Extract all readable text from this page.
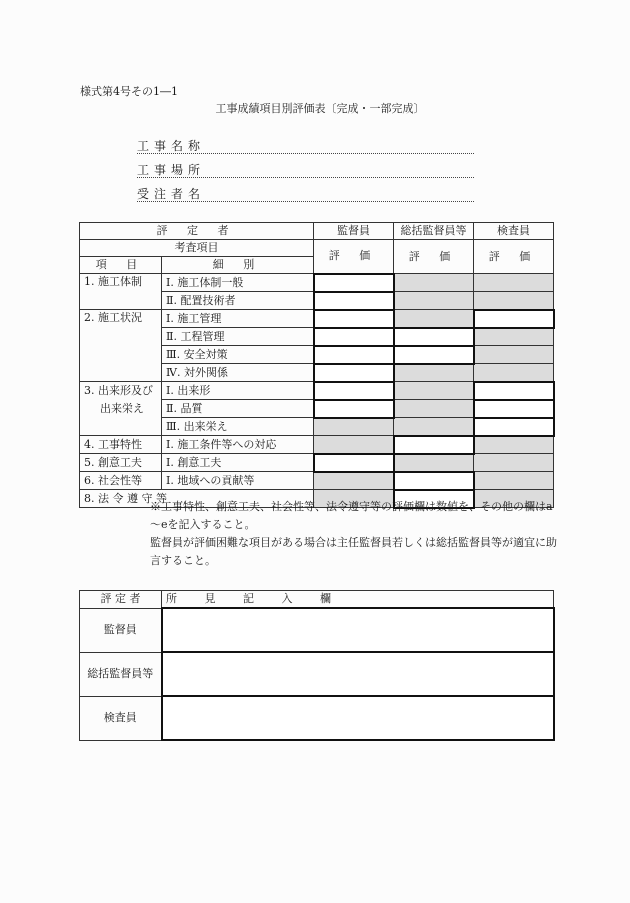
様式第4号その1―1
工事成績項目別評価表〔完成・一部完成〕
工事名称
工事場所
受注者名
評 定 者		監督員	総括監督員等	検査員
考査項目		評 価	評 価	評 価
項 目	細 別			
1. 施工体制	Ⅰ. 施工体制一般			
	Ⅱ. 配置技術者			
2. 施工状況	Ⅰ. 施工管理			
	Ⅱ. 工程管理			
	Ⅲ. 安全対策			
	Ⅳ. 対外関係			
3. 出来形及び	Ⅰ. 出来形			
出来栄え	Ⅱ. 品質			
	Ⅲ. 出来栄え			
4. 工事特性	Ⅰ. 施工条件等への対応			
5. 創意工夫	Ⅰ. 創意工夫			
6. 社会性等	Ⅰ. 地域への貢献等			
8. 法 令 遵 守 等				
※工事特性、創意工夫、社会性等、法令遵守等の評価欄は数値を、その他の欄はa～eを記入すること。
監督員が評価困難な項目がある場合は主任監督員若しくは総括監督員等が適宜に助言すること。
評 定 者	所 見 記 入 欄
監督員	
総括監督員等	
検査員	
